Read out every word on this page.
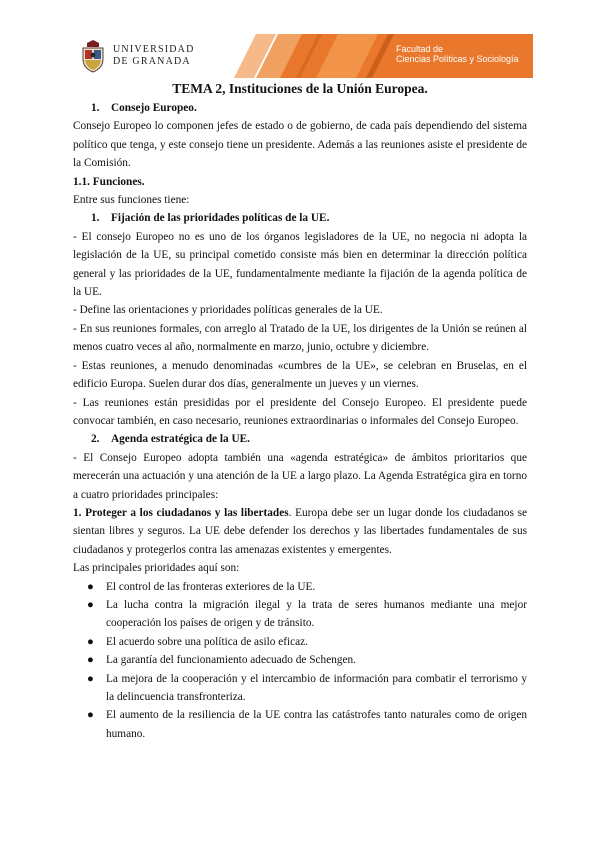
UNIVERSIDAD
DE GRANADA
Facultad de
Ciencias Políticas y Sociología
TEMA 2, Instituciones de la Unión Europea.
1. Consejo Europeo.

Consejo Europeo lo componen jefes de estado o de gobierno, de cada país dependiendo del sistema político que tenga, y este consejo tiene un presidente. Además a las reuniones asiste el presidente de la Comisión.

1.1. Funciones.
Entre sus funciones tiene:
1. Fijación de las prioridades políticas de la UE.

- El consejo Europeo no es uno de los órganos legisladores de la UE, no negocia ni adopta la legislación de la UE, su principal cometido consiste más bien en determinar la dirección política general y las prioridades de la UE, fundamentalmente mediante la fijación de la agenda política de la UE.

- Define las orientaciones y prioridades políticas generales de la UE.

- En sus reuniones formales, con arreglo al Tratado de la UE, los dirigentes de la Unión se reúnen al menos cuatro veces al año, normalmente en marzo, junio, octubre y diciembre.

- Estas reuniones, a menudo denominadas «cumbres de la UE», se celebran en Bruselas, en el edificio Europa. Suelen durar dos días, generalmente un jueves y un viernes.

- Las reuniones están presididas por el presidente del Consejo Europeo. El presidente puede convocar también, en caso necesario, reuniones extraordinarias o informales del Consejo Europeo.

2. Agenda estratégica de la UE.

- El Consejo Europeo adopta también una «agenda estratégica» de ámbitos prioritarios que merecerán una actuación y una atención de la UE a largo plazo. La Agenda Estratégica gira en torno a cuatro prioridades principales:

1. Proteger a los ciudadanos y las libertades. Europa debe ser un lugar donde los ciudadanos se sientan libres y seguros. La UE debe defender los derechos y las libertades fundamentales de sus ciudadanos y protegerlos contra las amenazas existentes y emergentes.

Las principales prioridades aquí son:
● El control de las fronteras exteriores de la UE.
● La lucha contra la migración ilegal y la trata de seres humanos mediante una mejor cooperación los países de origen y de tránsito.
● El acuerdo sobre una política de asilo eficaz.
● La garantía del funcionamiento adecuado de Schengen.
● La mejora de la cooperación y el intercambio de información para combatir el terrorismo y la delincuencia transfronteriza.
● El aumento de la resiliencia de la UE contra las catástrofes tanto naturales como de origen humano.
